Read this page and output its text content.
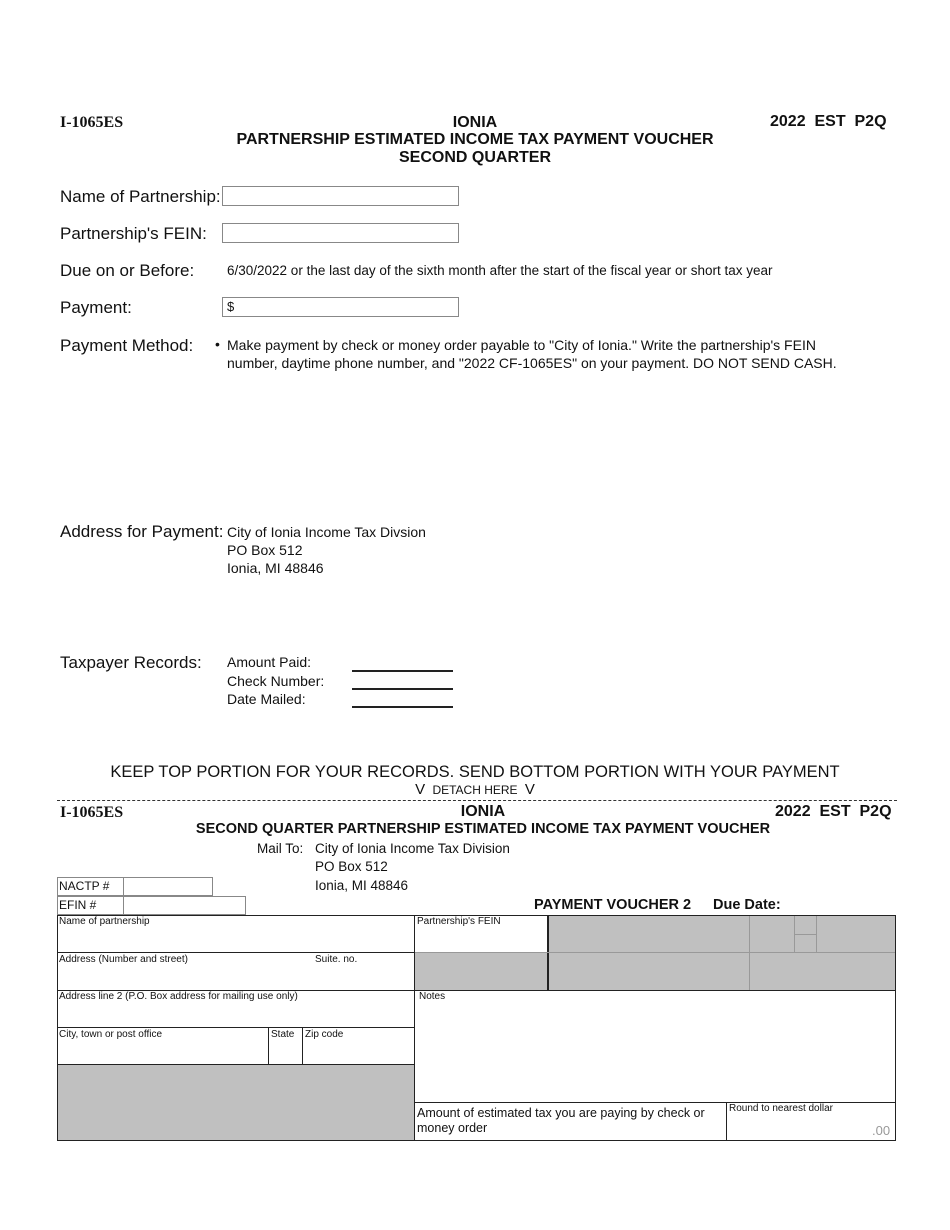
I-1065ES	IONIA
PARTNERSHIP ESTIMATED INCOME TAX PAYMENT VOUCHER
SECOND QUARTER
2022  EST  P2Q
Name of Partnership:
Partnership's FEIN:
Due on or Before: 6/30/2022 or the last day of the sixth month after the start of the fiscal year or short tax year
Payment:	$
Payment Method: • Make payment by check or money order payable to "City of Ionia." Write the partnership's FEIN
number, daytime phone number, and "2022 CF-1065ES" on your payment. DO NOT SEND CASH.
Address for Payment: City of Ionia Income Tax Divsion
PO Box 512
Ionia, MI 48846
Taxpayer Records: Amount Paid:
Check Number:
Date Mailed:
KEEP TOP PORTION FOR YOUR RECORDS. SEND BOTTOM PORTION WITH YOUR PAYMENT
V DETACH HERE V
I-1065ES	IONIA	2022  EST  P2Q
SECOND QUARTER PARTNERSHIP ESTIMATED INCOME TAX PAYMENT VOUCHER
Mail To: City of Ionia Income Tax Division
PO Box 512
Ionia, MI 48846
NACTP #
EFIN #	PAYMENT VOUCHER 2 Due Date:
Name of partnership
Address (Number and street)	Suite. no.
Address line 2 (P.O. Box address for mailing use only)
City, town or post office	State Zip code
Partnership's FEIN
Notes
Amount of estimated tax you are paying by check or
money order
Round to nearest dollar
.00
